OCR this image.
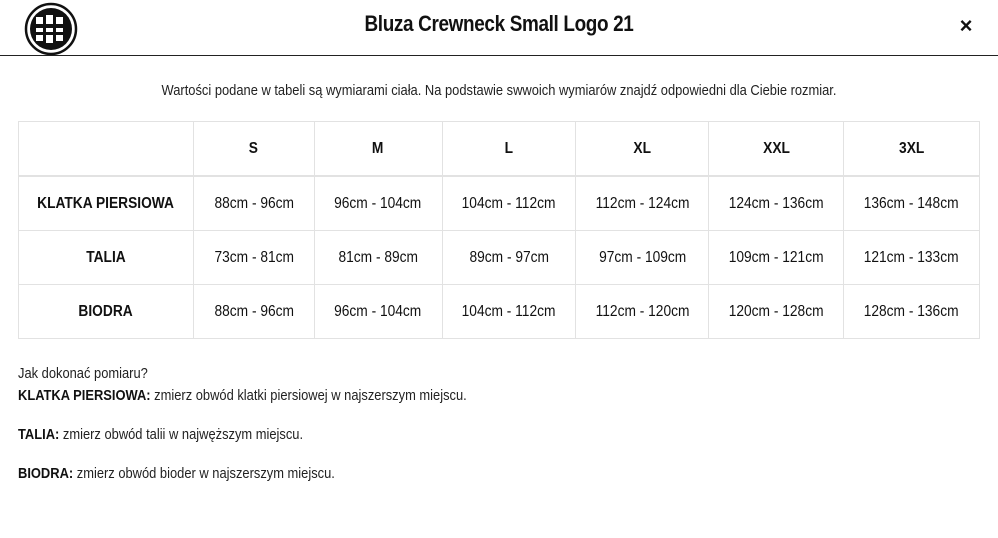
Bluza Crewneck Small Logo 21	×
Wartości podane w tabeli są wymiarami ciała. Na podstawie swwoich wymiarów znajdź odpowiedni dla Ciebie rozmiar.
	S	M	L	XL	XXL	3XL
KLATKA PIERSIOWA	88cm - 96cm	96cm - 104cm	104cm - 112cm	112cm - 124cm	124cm - 136cm	136cm - 148cm
TALIA	73cm - 81cm	81cm - 89cm	89cm - 97cm	97cm - 109cm	109cm - 121cm	121cm - 133cm
BIODRA	88cm - 96cm	96cm - 104cm	104cm - 112cm	112cm - 120cm	120cm - 128cm	128cm - 136cm

Jak dokonać pomiaru?

KLATKA PIERSIOWA: zmierz obwód klatki piersiowej w najszerszym miejscu.

TALIA: zmierz obwód talii w najwęższym miejscu.

BIODRA: zmierz obwód bioder w najszerszym miejscu.
